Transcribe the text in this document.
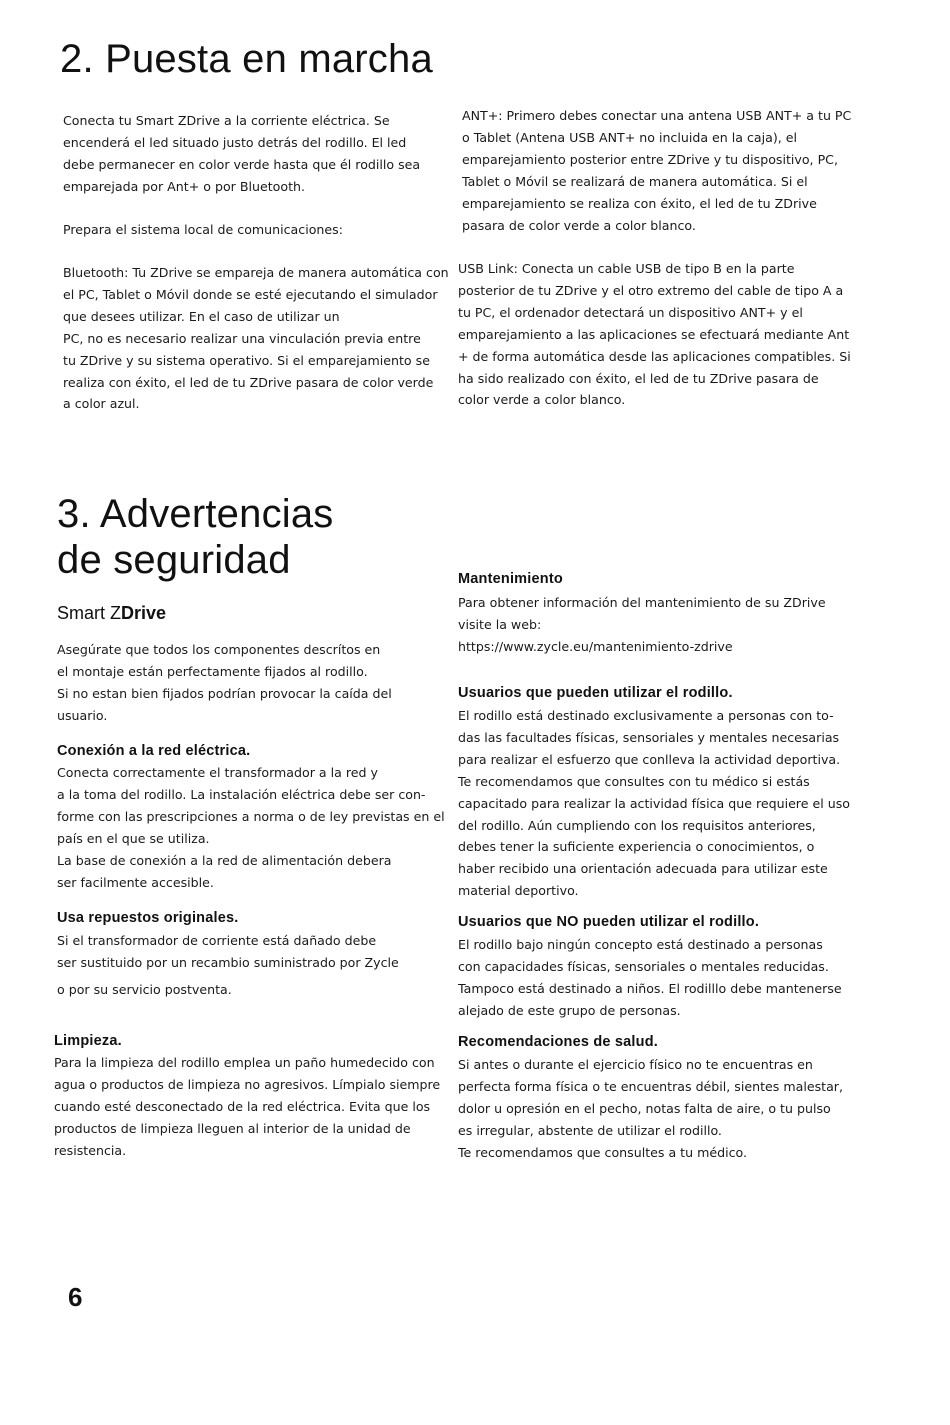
2. Puesta en marcha

Conecta tu Smart ZDrive a la corriente eléctrica. Se
encenderá el led situado justo detrás del rodillo. El led
debe permanecer en color verde hasta que él rodillo sea
emparejada por Ant+ o por Bluetooth.

Prepara el sistema local de comunicaciones:

Bluetooth: Tu ZDrive se empareja de manera automática con
el PC, Tablet o Móvil donde se esté ejecutando el simulador
que desees utilizar. En el caso de utilizar un
PC, no es necesario realizar una vinculación previa entre
tu ZDrive y su sistema operativo. Si el emparejamiento se
realiza con éxito, el led de tu ZDrive pasara de color verde
a color azul.

ANT+: Primero debes conectar una antena USB ANT+ a tu PC
o Tablet (Antena USB ANT+ no incluida en la caja), el
emparejamiento posterior entre ZDrive y tu dispositivo, PC,
Tablet o Móvil se realizará de manera automática. Si el
emparejamiento se realiza con éxito, el led de tu ZDrive
pasara de color verde a color blanco.

USB Link: Conecta un cable USB de tipo B en la parte
posterior de tu ZDrive y el otro extremo del cable de tipo A a
tu PC, el ordenador detectará un dispositivo ANT+ y el
emparejamiento a las aplicaciones se efectuará mediante Ant
+ de forma automática desde las aplicaciones compatibles. Si
ha sido realizado con éxito, el led de tu ZDrive pasara de
color verde a color blanco.

3. Advertencias
de seguridad

Smart ZDrive

Asegúrate que todos los componentes descrítos en
el montaje están perfectamente fijados al rodillo.
Si no estan bien fijados podrían provocar la caída del
usuario.

Conexión a la red eléctrica.

Conecta correctamente el transformador a la red y
a la toma del rodillo. La instalación eléctrica debe ser con-
forme con las prescripciones a norma o de ley previstas en el
país en el que se utiliza.
La base de conexión a la red de alimentación debera
ser facilmente accesible.

Usa repuestos originales.

Si el transformador de corriente está dañado debe
ser sustituido por un recambio suministrado por Zycle

o por su servicio postventa.

Limpieza.

Para la limpieza del rodillo emplea un paño humedecido con
agua o productos de limpieza no agresivos. Límpialo siempre
cuando esté desconectado de la red eléctrica. Evita que los
productos de limpieza lleguen al interior de la unidad de
resistencia.

Mantenimiento

Para obtener información del mantenimiento de su ZDrive
visite la web:

https://www.zycle.eu/mantenimiento-zdrive

Usuarios que pueden utilizar el rodillo.

El rodillo está destinado exclusivamente a personas con to-
das las facultades físicas, sensoriales y mentales necesarias
para realizar el esfuerzo que conlleva la actividad deportiva.
Te recomendamos que consultes con tu médico si estás
capacitado para realizar la actividad física que requiere el uso
del rodillo. Aún cumpliendo con los requisitos anteriores,
debes tener la suficiente experiencia o conocimientos, o
haber recibido una orientación adecuada para utilizar este
material deportivo.

Usuarios que NO pueden utilizar el rodillo.

El rodillo bajo ningún concepto está destinado a personas
con capacidades físicas, sensoriales o mentales reducidas.
Tampoco está destinado a niños. El rodilllo debe mantenerse
alejado de este grupo de personas.

Recomendaciones de salud.

Si antes o durante el ejercicio físico no te encuentras en
perfecta forma física o te encuentras débil, sientes malestar,
dolor u opresión en el pecho, notas falta de aire, o tu pulso
es irregular, abstente de utilizar el rodillo.
Te recomendamos que consultes a tu médico.

6
